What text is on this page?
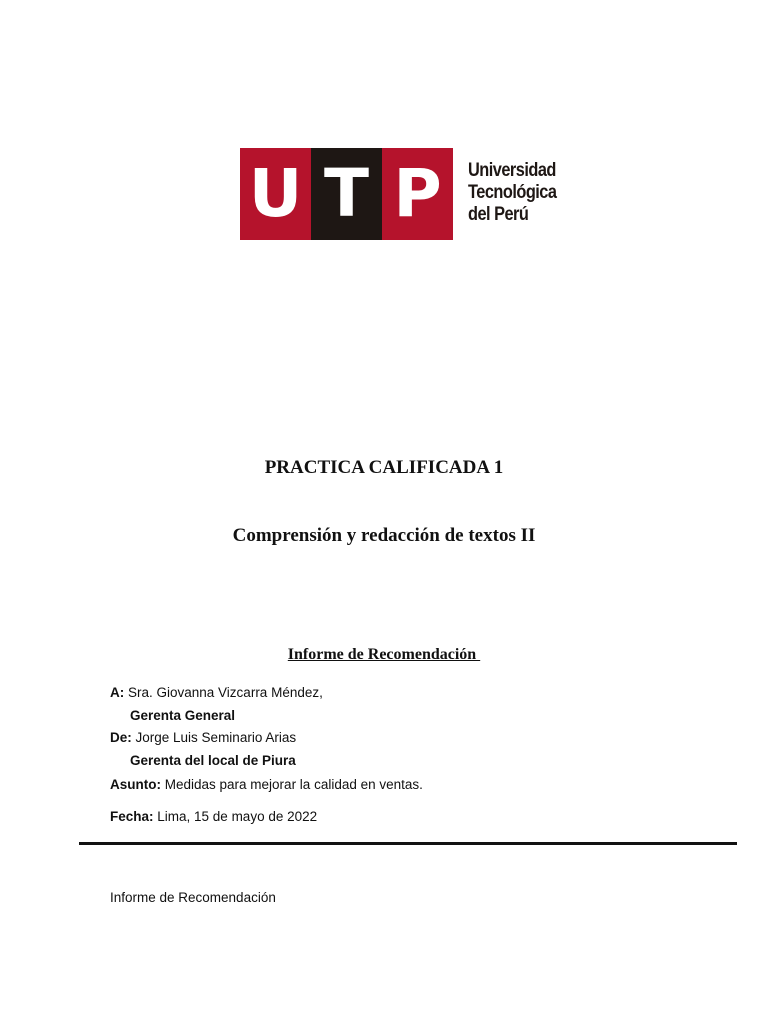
U T P	Universidad
Tecnológica
del Perú
PRACTICA CALIFICADA 1
Comprensión y redacción de textos II
Informe de Recomendación
A: Sra. Giovanna Vizcarra Méndez,
Gerenta General
De: Jorge Luis Seminario Arias
Gerenta del local de Piura
Asunto: Medidas para mejorar la calidad en ventas.
Fecha: Lima, 15 de mayo de 2022
Informe de Recomendación
